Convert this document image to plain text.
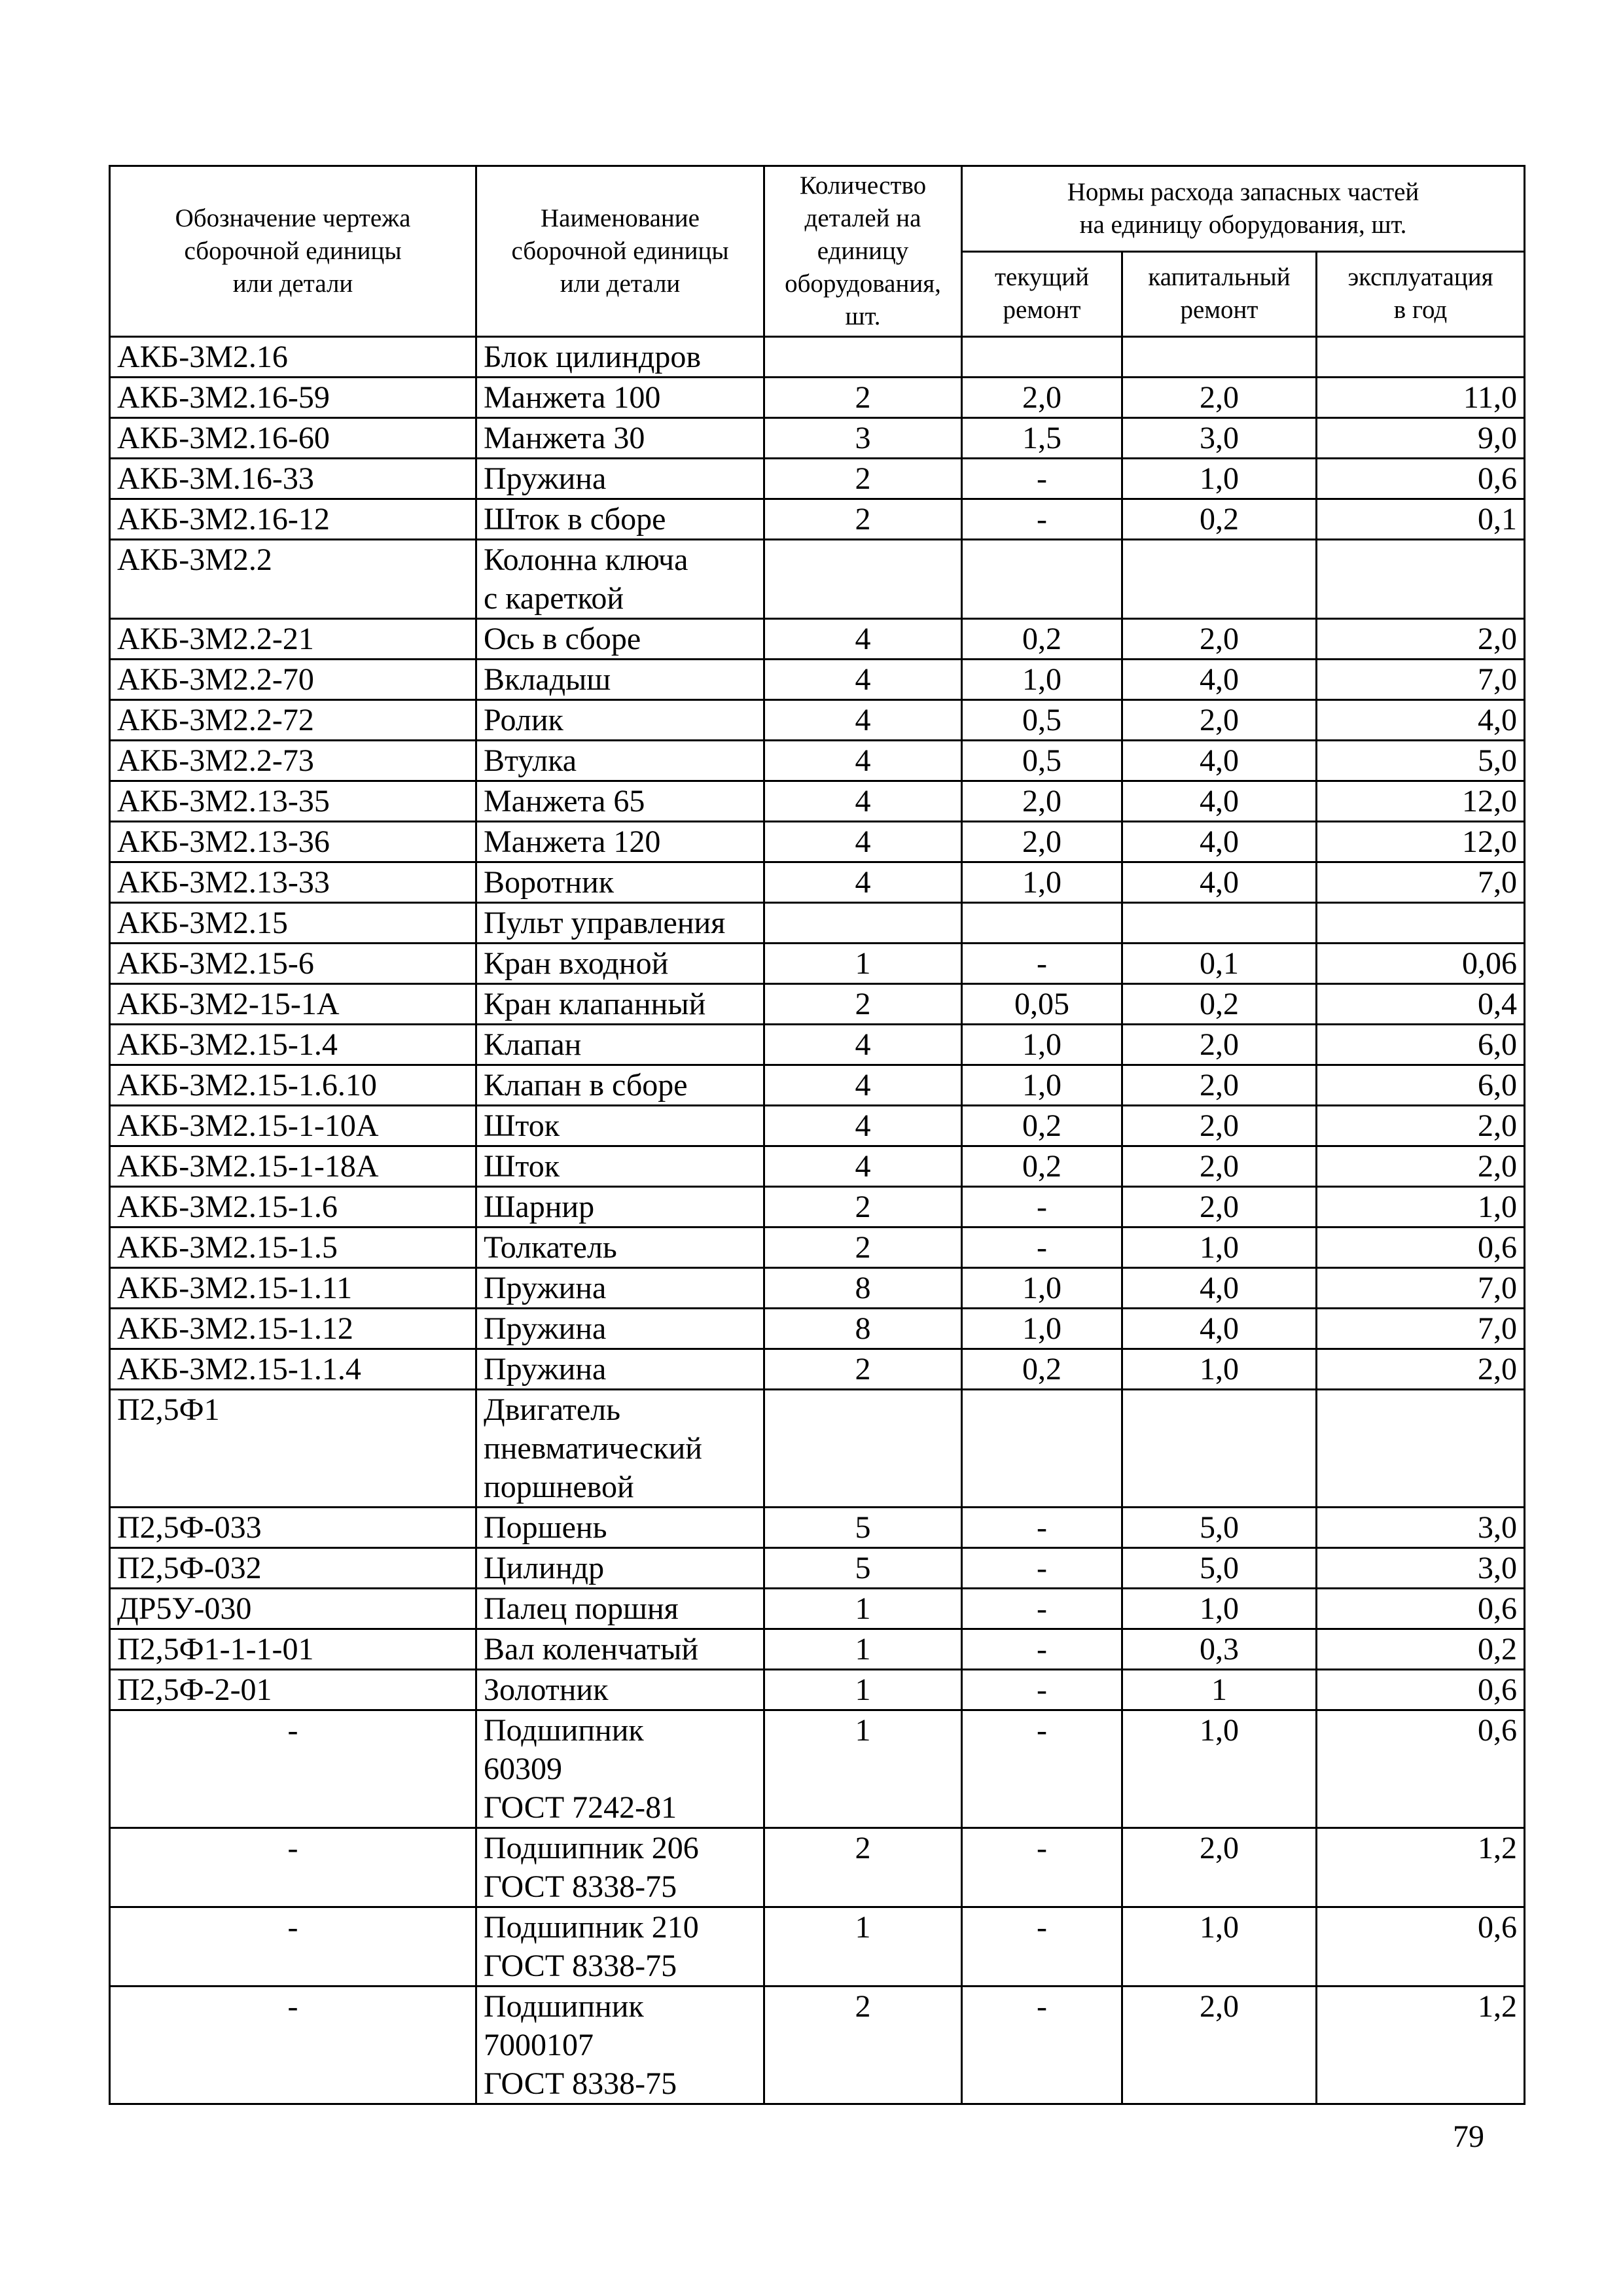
Обозначение чертежа
сборочной единицы
или детали	Наименование
сборочной единицы
или детали	Количество
деталей на
единицу
оборудования,
шт.	Нормы расхода запасных частей
на единицу оборудования, шт.		
			текущий
ремонт	капитальный
ремонт	эксплуатация
в год
АКБ-3М2.16	Блок цилиндров				
АКБ-3М2.16-59	Манжета 100	2	2,0	2,0	11,0
АКБ-3М2.16-60	Манжета 30	3	1,5	3,0	9,0
АКБ-3М.16-33	Пружина	2	-	1,0	0,6
АКБ-3М2.16-12	Шток в сборе	2	-	0,2	0,1
АКБ-3М2.2	Колонна ключа
с кареткой				
АКБ-3М2.2-21	Ось в сборе	4	0,2	2,0	2,0
АКБ-3М2.2-70	Вкладыш	4	1,0	4,0	7,0
АКБ-3М2.2-72	Ролик	4	0,5	2,0	4,0
АКБ-3М2.2-73	Втулка	4	0,5	4,0	5,0
АКБ-3М2.13-35	Манжета 65	4	2,0	4,0	12,0
АКБ-3М2.13-36	Манжета 120	4	2,0	4,0	12,0
АКБ-3М2.13-33	Воротник	4	1,0	4,0	7,0
АКБ-3М2.15	Пульт управления				
АКБ-3М2.15-6	Кран входной	1	-	0,1	0,06
АКБ-3М2-15-1А	Кран клапанный	2	0,05	0,2	0,4
АКБ-3М2.15-1.4	Клапан	4	1,0	2,0	6,0
АКБ-3М2.15-1.6.10	Клапан в сборе	4	1,0	2,0	6,0
АКБ-3М2.15-1-10А	Шток	4	0,2	2,0	2,0
АКБ-3М2.15-1-18А	Шток	4	0,2	2,0	2,0
АКБ-3М2.15-1.6	Шарнир	2	-	2,0	1,0
АКБ-3М2.15-1.5	Толкатель	2	-	1,0	0,6
АКБ-3М2.15-1.11	Пружина	8	1,0	4,0	7,0
АКБ-3М2.15-1.12	Пружина	8	1,0	4,0	7,0
АКБ-3М2.15-1.1.4	Пружина	2	0,2	1,0	2,0
П2,5Ф1	Двигатель
пневматический
поршневой				
П2,5Ф-033	Поршень	5	-	5,0	3,0
П2,5Ф-032	Цилиндр	5	-	5,0	3,0
ДР5У-030	Палец поршня	1	-	1,0	0,6
П2,5Ф1-1-1-01	Вал коленчатый	1	-	0,3	0,2
П2,5Ф-2-01	Золотник	1	-	1	0,6
-	Подшипник
60309
ГОСТ 7242-81	1	-	1,0	0,6
-	Подшипник 206
ГОСТ 8338-75	2	-	2,0	1,2
-	Подшипник 210
ГОСТ 8338-75	1	-	1,0	0,6
-	Подшипник
7000107
ГОСТ 8338-75	2	-	2,0	1,2
79
